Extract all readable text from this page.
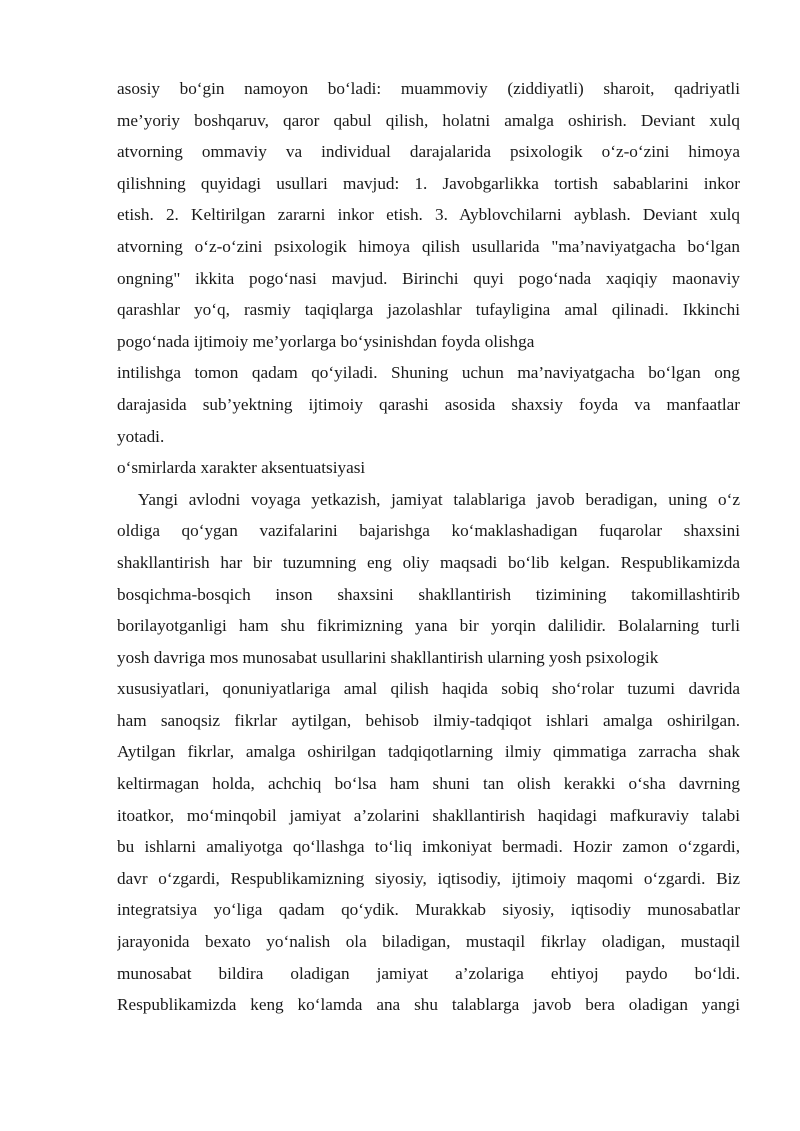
asosiy bo‘gin namoyon bo‘ladi: muammoviy (ziddiyatli) sharoit, qadriyatli
me’yoriy boshqaruv, qaror qabul qilish, holatni amalga oshirish. Deviant xulq
atvorning ommaviy va individual darajalarida psixologik o‘z-o‘zini himoya
qilishning quyidagi usullari mavjud: 1. Javobgarlikka tortish sabablarini inkor
etish. 2. Keltirilgan zararni inkor etish. 3. Ayblovchilarni ayblash. Deviant xulq
atvorning o‘z-o‘zini psixologik himoya qilish usullarida "ma’naviyatgacha bo‘lgan
ongning" ikkita pogo‘nasi mavjud. Birinchi quyi pogo‘nada xaqiqiy maonaviy
qarashlar yo‘q, rasmiy taqiqlarga jazolashlar tufayligina amal qilinadi. Ikkinchi
pogo‘nada ijtimoiy me’yorlarga bo‘ysinishdan foyda olishga
intilishga tomon qadam qo‘yiladi. Shuning uchun ma’naviyatgacha bo‘lgan ong
darajasida sub’yektning ijtimoiy qarashi asosida shaxsiy foyda va manfaatlar
yotadi.
o‘smirlarda xarakter aksentuatsiyasi
Yangi avlodni voyaga yetkazish, jamiyat talablariga javob beradigan, uning o‘z
oldiga qo‘ygan vazifalarini bajarishga ko‘maklashadigan fuqarolar shaxsini
shakllantirish har bir tuzumning eng oliy maqsadi bo‘lib kelgan. Respublikamizda
bosqichma-bosqich inson shaxsini shakllantirish tizimining takomillashtirib
borilayotganligi ham shu fikrimizning yana bir yorqin dalilidir. Bolalarning turli
yosh davriga mos munosabat usullarini shakllantirish ularning yosh psixologik
xususiyatlari, qonuniyatlariga amal qilish haqida sobiq sho‘rolar tuzumi davrida
ham sanoqsiz fikrlar aytilgan, behisob ilmiy-tadqiqot ishlari amalga oshirilgan.
Aytilgan fikrlar, amalga oshirilgan tadqiqotlarning ilmiy qimmatiga zarracha shak
keltirmagan holda, achchiq bo‘lsa ham shuni tan olish kerakki o‘sha davrning
itoatkor, mo‘minqobil jamiyat a’zolarini shakllantirish haqidagi mafkuraviy talabi
bu ishlarni amaliyotga qo‘llashga to‘liq imkoniyat bermadi. Hozir zamon o‘zgardi,
davr o‘zgardi, Respublikamizning siyosiy, iqtisodiy, ijtimoiy maqomi o‘zgardi. Biz
integratsiya yo‘liga qadam qo‘ydik. Murakkab siyosiy, iqtisodiy munosabatlar
jarayonida bexato yo‘nalish ola biladigan, mustaqil fikrlay oladigan, mustaqil
munosabat bildira oladigan jamiyat a’zolariga ehtiyoj paydo bo‘ldi.
Respublikamizda keng ko‘lamda ana shu talablarga javob bera oladigan yangi
